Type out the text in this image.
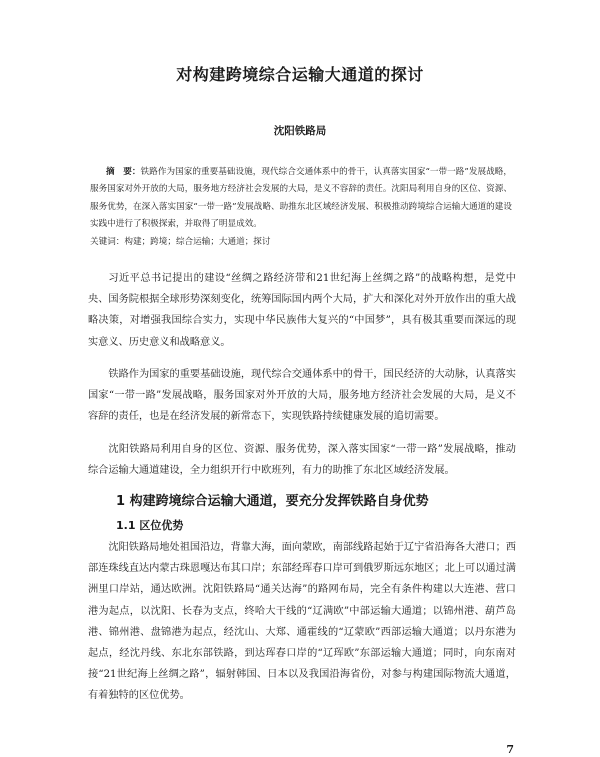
对构建跨境综合运输大通道的探讨
沈阳铁路局
摘　要：铁路作为国家的重要基础设施，现代综合交通体系中的骨干，认真落实国家“一带一路”发展战略，服务国家对外开放的大局，服务地方经济社会发展的大局，是义不容辞的责任。沈阳局利用自身的区位、资源、服务优势，在深入落实国家“一带一路”发展战略、助推东北区域经济发展、积极推动跨境综合运输大通道的建设实践中进行了积极探索，并取得了明显成效。
关键词：构建；跨境；综合运输；大通道；探讨

习近平总书记提出的建设“丝绸之路经济带和21世纪海上丝绸之路”的战略构想，是党中央、国务院根据全球形势深刻变化，统筹国际国内两个大局，扩大和深化对外开放作出的重大战略决策，对增强我国综合实力，实现中华民族伟大复兴的“中国梦”，具有极其重要而深远的现实意义、历史意义和战略意义。

铁路作为国家的重要基础设施，现代综合交通体系中的骨干，国民经济的大动脉，认真落实国家“一带一路”发展战略，服务国家对外开放的大局，服务地方经济社会发展的大局，是义不容辞的责任，也是在经济发展的新常态下，实现铁路持续健康发展的追切需要。

沈阳铁路局利用自身的区位、资源、服务优势，深入落实国家“一带一路”发展战略，推动综合运输大通道建设，全力组织开行中欧班列，有力的助推了东北区域经济发展。

1 构建跨境综合运输大通道，要充分发挥铁路自身优势
1.1 区位优势

沈阳铁路局地处祖国沿边，背靠大海，面向蒙欧，南部线路起始于辽宁省沿海各大港口；西部连珠线直达内蒙古珠恩嘎达布其口岸；东部经珲春口岸可到俄罗斯远东地区；北上可以通过满洲里口岸站，通达欧洲。沈阳铁路局“通关达海”的路网布局，完全有条件构建以大连港、营口港为起点，以沈阳、长春为支点，终哈大干线的“辽满欧”中部运输大通道；以锦州港、葫芦岛港、锦州港、盘锦港为起点，经沈山、大郑、通霍线的“辽蒙欧”西部运输大通道；以丹东港为起点，经沈丹线、东北东部铁路，到达珲春口岸的“辽珲欧”东部运输大通道；同时，向东南对接“21世纪海上丝绸之路”，辐射韩国、日本以及我国沿海省份，对参与构建国际物流大通道，有着独特的区位优势。

7
